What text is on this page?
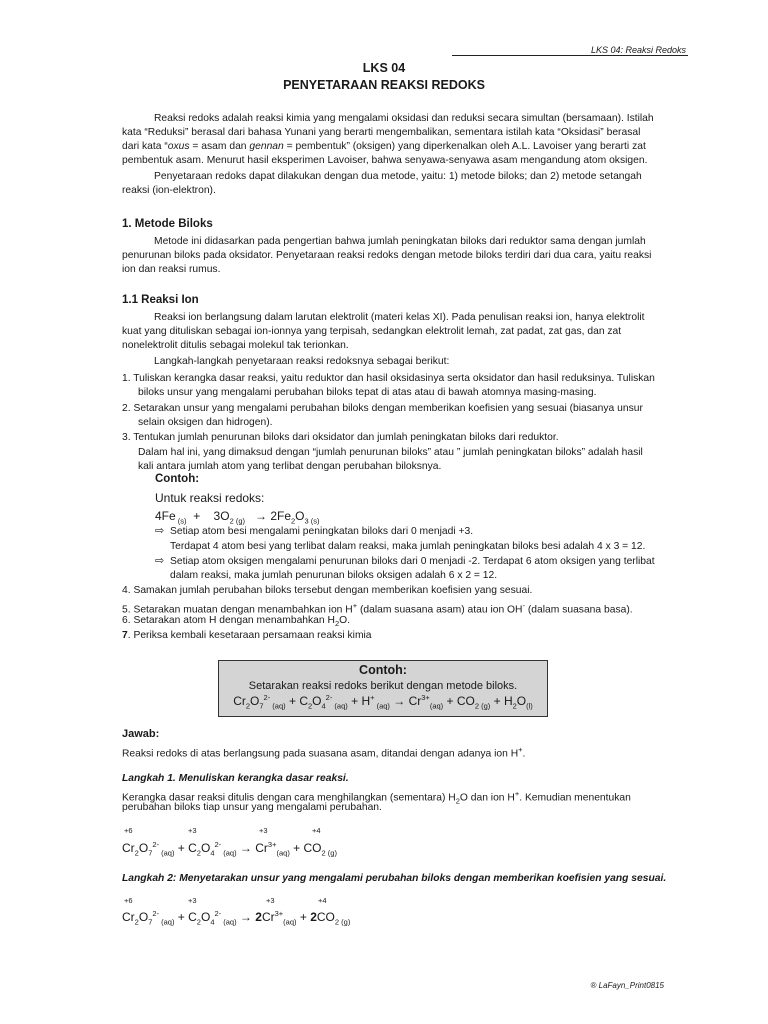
LKS 04: Reaksi Redoks
LKS 04
PENYETARAAN REAKSI REDOKS
Reaksi redoks adalah reaksi kimia yang mengalami oksidasi dan reduksi secara simultan (bersamaan). Istilah
kata “Reduksi” berasal dari bahasa Yunani yang berarti mengembalikan, sementara istilah kata “Oksidasi” berasal
dari kata “oxus = asam dan gennan = pembentuk” (oksigen) yang diperkenalkan oleh A.L. Lavoiser yang berarti zat
pembentuk asam. Menurut hasil eksperimen Lavoiser, bahwa senyawa-senyawa asam mengandung atom oksigen.
Penyetaraan redoks dapat dilakukan dengan dua metode, yaitu: 1) metode biloks; dan 2) metode setangah
reaksi (ion-elektron).
1. Metode Biloks
Metode ini didasarkan pada pengertian bahwa jumlah peningkatan biloks dari reduktor sama dengan jumlah
penurunan biloks pada oksidator. Penyetaraan reaksi redoks dengan metode biloks terdiri dari dua cara, yaitu reaksi
ion dan reaksi rumus.
1.1 Reaksi Ion
Reaksi ion berlangsung dalam larutan elektrolit (materi kelas XI). Pada penulisan reaksi ion, hanya elektrolit
kuat yang dituliskan sebagai ion-ionnya yang terpisah, sedangkan elektrolit lemah, zat padat, zat gas, dan zat
nonelektrolit ditulis sebagai molekul tak terionkan.
Langkah-langkah penyetaraan reaksi redoksnya sebagai berikut:
1. Tuliskan kerangka dasar reaksi, yaitu reduktor dan hasil oksidasinya serta oksidator dan hasil reduksinya. Tuliskan
biloks unsur yang mengalami perubahan biloks tepat di atas atau di bawah atomnya masing-masing.
2. Setarakan unsur yang mengalami perubahan biloks dengan memberikan koefisien yang sesuai (biasanya unsur
selain oksigen dan hidrogen).
3. Tentukan jumlah penurunan biloks dari oksidator dan jumlah peningkatan biloks dari reduktor.
Dalam hal ini, yang dimaksud dengan “jumlah penurunan biloks” atau ” jumlah peningkatan biloks” adalah hasil
kali antara jumlah atom yang terlibat dengan perubahan biloksnya.
Contoh:
Untuk reaksi redoks:
4Fe $_{(s)}$  +    $3O_{2 (g)} \to 2Fe_2O_{3 (s)}$
⇨ Setiap atom besi mengalami peningkatan biloks dari 0 menjadi +3.
Terdapat 4 atom besi yang terlibat dalam reaksi, maka jumlah peningkatan biloks besi adalah 4 x 3 = 12.
⇨ Setiap atom oksigen mengalami penurunan biloks dari 0 menjadi -2. Terdapat 6 atom oksigen yang terlibat
dalam reaksi, maka jumlah penurunan biloks oksigen adalah 6 x 2 = 12.
4. Samakan jumlah perubahan biloks tersebut dengan memberikan koefisien yang sesuai.
5. Setarakan muatan dengan menambahkan ion H+ (dalam suasana asam) atau ion OH- (dalam suasana basa).
6. Setarakan atom H dengan menambahkan $H_2O$.
7. Periksa kembali kesetaraan persamaan reaksi kimia
Contoh:
Setarakan reaksi redoks berikut dengan metode biloks.
$Cr_2O_7^{2-}$ $_{(aq)} + C_2O_4^{2-}$ $_{(aq)}$ + H+ $_{(aq)} \to Cr^{3+}_{(aq)} + CO_{2 (g)} + H_2O_{(l)}$
Jawab:
Reaksi redoks di atas berlangsung pada suasana asam, ditandai dengan adanya ion H+.
Langkah 1. Menuliskan kerangka dasar reaksi.
Kerangka dasar reaksi ditulis dengan cara menghilangkan (sementara) $H_2O$ dan ion H+. Kemudian menentukan
perubahan biloks tiap unsur yang mengalami perubahan.
+6	+3	+3	+4
$Cr_2O_7^{2-}$ $_{(aq)} + C_2O_4^{2-}$ $_{(aq)} \to Cr^{3+}_{(aq)} + CO_{2 (g)}$
Langkah 2: Menyetarakan unsur yang mengalami perubahan biloks dengan memberikan koefisien yang sesuai.
+6	+3	+3	+4
$Cr_2O_7^{2-}$ $_{(aq)} + C_2O_4^{2-}$ $_{(aq)} \to 2Cr^{3+}_{(aq)} + 2CO_{2 (g)}$
® LaFayn_Print0815
